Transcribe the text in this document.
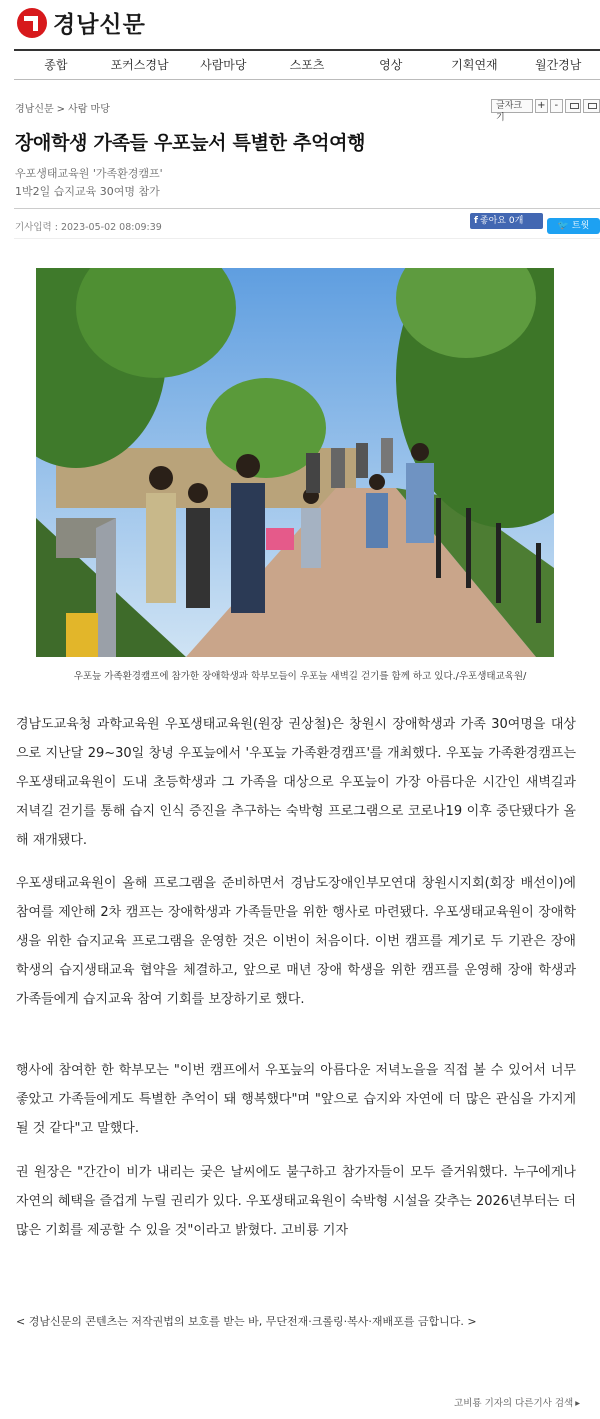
경남신문
종합	포커스경남	사람마당	스포츠	영상	기획연재	월간경남
경남신문 > 사람 마당	글자크기
+ -
장애학생 가족들 우포늪서 특별한 추억여행
우포생태교육원 '가족환경캠프'
1박2일 습지교육 30여명 참가
기사입력 : 2023-05-02 08:09:39
f 좋아요 0개	🐦 트윗
우포늪 가족환경캠프에 참가한 장애학생과 학부모들이 우포늪 새벽길 걷기를 함께 하고 있다./우포생태교육원/

경남도교육청 과학교육원 우포생태교육원(원장 권상철)은 창원시 장애학생과 가족 30여명을 대상으로 지난달 29~30일 창녕 우포늪에서 '우포늪 가족환경캠프'를 개최했다. 우포늪 가족환경캠프는 우포생태교육원이 도내 초등학생과 그 가족을 대상으로 우포늪이 가장 아름다운 시간인 새벽길과 저녁길 걷기를 통해 습지 인식 증진을 추구하는 숙박형 프로그램으로 코로나19 이후 중단됐다가 올해 재개됐다.

우포생태교육원이 올해 프로그램을 준비하면서 경남도장애인부모연대 창원시지회(회장 배선이)에 참여를 제안해 2차 캠프는 장애학생과 가족들만을 위한 행사로 마련됐다. 우포생태교육원이 장애학생을 위한 습지교육 프로그램을 운영한 것은 이번이 처음이다. 이번 캠프를 계기로 두 기관은 장애 학생의 습지생태교육 협약을 체결하고, 앞으로 매년 장애 학생을 위한 캠프를 운영해 장애 학생과 가족들에게 습지교육 참여 기회를 보장하기로 했다.

행사에 참여한 한 학부모는 "이번 캠프에서 우포늪의 아름다운 저녁노을을 직접 볼 수 있어서 너무 좋았고 가족들에게도 특별한 추억이 돼 행복했다"며 "앞으로 습지와 자연에 더 많은 관심을 가지게 될 것 같다"고 말했다.

권 원장은 "간간이 비가 내리는 궂은 날씨에도 불구하고 참가자들이 모두 즐거워했다. 누구에게나 자연의 혜택을 즐겁게 누릴 권리가 있다. 우포생태교육원이 숙박형 시설을 갖추는 2026년부터는 더 많은 기회를 제공할 수 있을 것"이라고 밝혔다. 고비룡 기자

< 경남신문의 콘텐츠는 저작권법의 보호를 받는 바, 무단전재·크롤링·복사·재배포를 금합니다. >
고비룡 기자의 다른기사 검색 ▸
